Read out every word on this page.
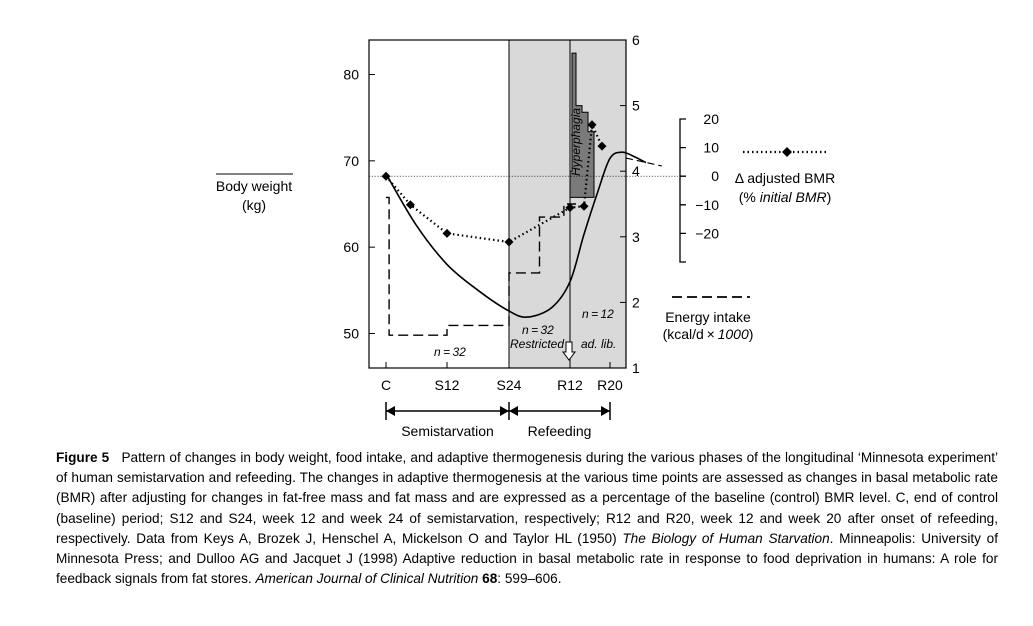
50
60
70
80
1
2
3
4
5
6
C	S12	S24	R12 R20
Hyperphagia
n = 32
n = 32
Restricted
n = 12
ad. lib.
Body weight
(kg)
Δ adjusted BMR
(% initial BMR)
Energy intake
(kcal/d × 1000)
Semistarvation Refeeding
20
10
0
−10
−20
Figure 5 Pattern of changes in body weight, food intake, and adaptive thermogenesis during the various phases of the longitudinal ‘Minnesota experiment’ of human semistarvation and refeeding. The changes in adaptive thermogenesis at the various time points are assessed as changes in basal metabolic rate (BMR) after adjusting for changes in fat-free mass and fat mass and are expressed as a percentage of the baseline (control) BMR level. C, end of control (baseline) period; S12 and S24, week 12 and week 24 of semistarvation, respectively; R12 and R20, week 12 and week 20 after onset of refeeding, respectively. Data from Keys A, Brozek J, Henschel A, Mickelson O and Taylor HL (1950) The Biology of Human Starvation. Minneapolis: University of Minnesota Press; and Dulloo AG and Jacquet J (1998) Adaptive reduction in basal metabolic rate in response to food deprivation in humans: A role for feedback signals from fat stores. American Journal of Clinical Nutrition 68: 599–606.
